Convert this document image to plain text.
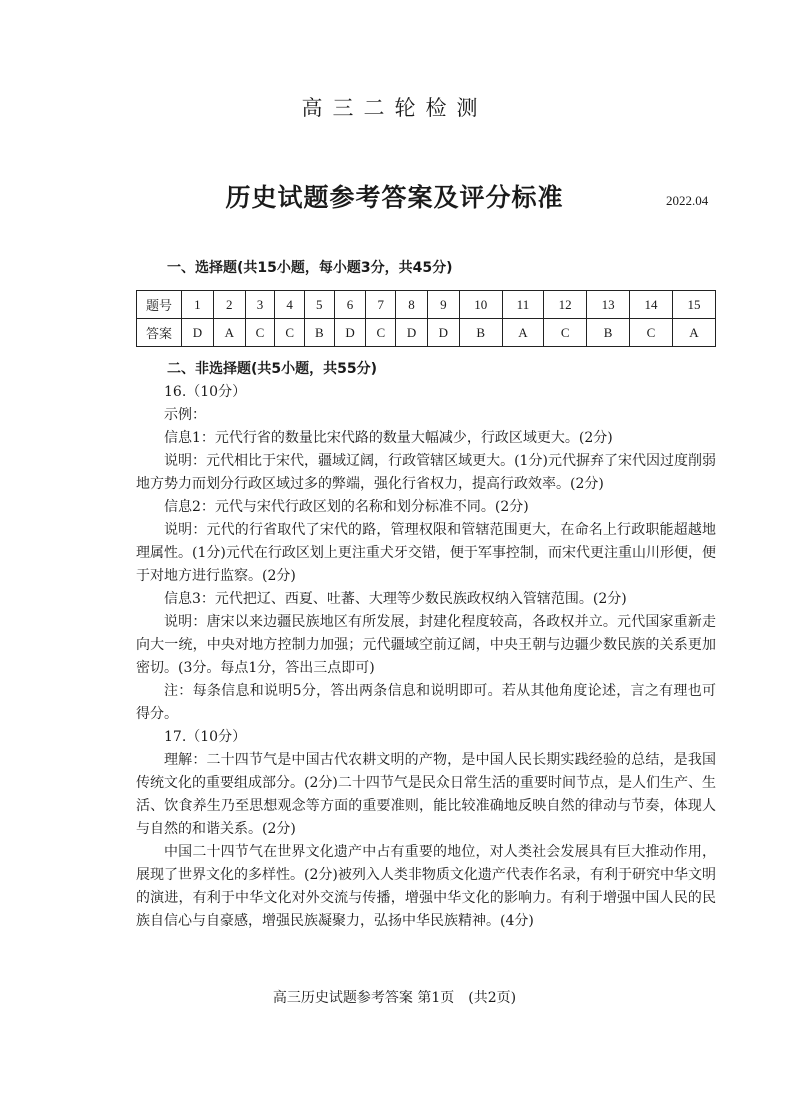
高三二轮检测
历史试题参考答案及评分标准	2022.04
一、选择题(共15小题，每小题3分，共45分)
题号	1	2	3	4	5	6	7	8	9	10	11	12	13	14	15
答案	D	A	C	C	B	D	C	D	D	B	A	C	B	C	A
二、非选择题(共5小题，共55分)

16.（10分）

示例：

信息1：元代行省的数量比宋代路的数量大幅减少，行政区域更大。(2分)

说明：元代相比于宋代，疆域辽阔，行政管辖区域更大。(1分)元代摒弃了宋代因过度削弱地方势力而划分行政区域过多的弊端，强化行省权力，提高行政效率。(2分)

信息2：元代与宋代行政区划的名称和划分标准不同。(2分)

说明：元代的行省取代了宋代的路，管理权限和管辖范围更大，在命名上行政职能超越地理属性。(1分)元代在行政区划上更注重犬牙交错，便于军事控制，而宋代更注重山川形便，便于对地方进行监察。(2分)

信息3：元代把辽、西夏、吐蕃、大理等少数民族政权纳入管辖范围。(2分)

说明：唐宋以来边疆民族地区有所发展，封建化程度较高，各政权并立。元代国家重新走向大一统，中央对地方控制力加强；元代疆域空前辽阔，中央王朝与边疆少数民族的关系更加密切。(3分。每点1分，答出三点即可)

注：每条信息和说明5分，答出两条信息和说明即可。若从其他角度论述，言之有理也可得分。

17.（10分）

理解：二十四节气是中国古代农耕文明的产物，是中国人民长期实践经验的总结，是我国传统文化的重要组成部分。(2分)二十四节气是民众日常生活的重要时间节点，是人们生产、生活、饮食养生乃至思想观念等方面的重要准则，能比较准确地反映自然的律动与节奏，体现人与自然的和谐关系。(2分)

中国二十四节气在世界文化遗产中占有重要的地位，对人类社会发展具有巨大推动作用，展现了世界文化的多样性。(2分)被列入人类非物质文化遗产代表作名录，有利于研究中华文明的演进，有利于中华文化对外交流与传播，增强中华文化的影响力。有利于增强中国人民的民族自信心与自豪感，增强民族凝聚力，弘扬中华民族精神。(4分)

高三历史试题参考答案 第1页　(共2页)
